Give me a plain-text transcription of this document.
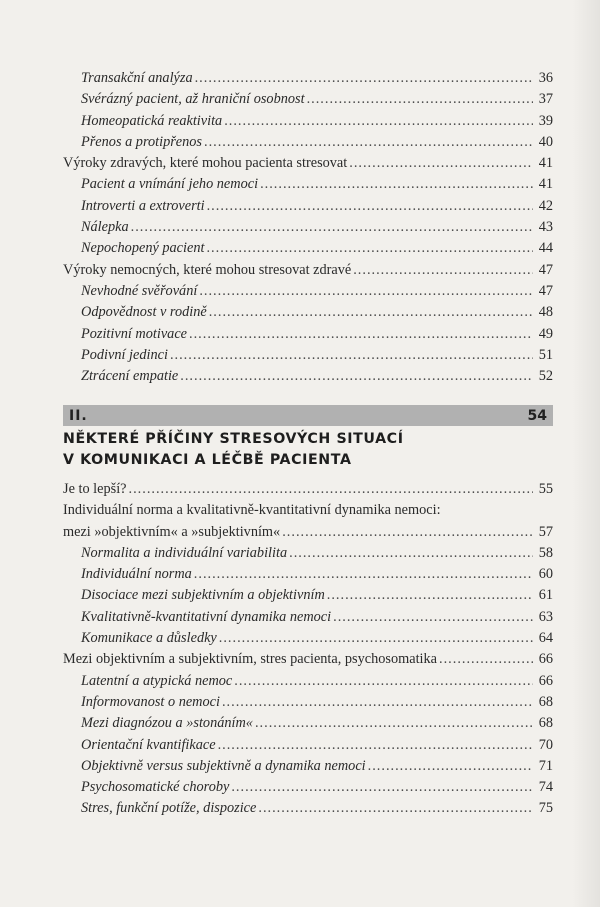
Transakční analýza .....	36
Svérázný pacient, až hraniční osobnost .....	37
Homeopatická reaktivita .....	39
Přenos a protipřenos .....	40
Výroky zdravých, které mohou pacienta stresovat .....	41
Pacient a vnímání jeho nemoci .....	41
Introverti a extroverti .....	42
Nálepka .....	43
Nepochopený pacient .....	44
Výroky nemocných, které mohou stresovat zdravé .....	47
Nevhodné svěřování .....	47
Odpovědnost v rodině .....	48
Pozitivní motivace .....	49
Podivní jedinci .....	51
Ztrácení empatie .....	52
II.	54
NĚKTERÉ PŘÍČINY STRESOVÝCH SITUACÍ
V KOMUNIKACI A LÉČBĚ PACIENTA
Je to lepší? .....	55
Individuální norma a kvalitativně-kvantitativní dynamika nemoci:
mezi »objektivním« a »subjektivním« .....	57
Normalita a individuální variabilita .....	58
Individuální norma .....	60
Disociace mezi subjektivním a objektivním .....	61
Kvalitativně-kvantitativní dynamika nemoci .....	63
Komunikace a důsledky .....	64
Mezi objektivním a subjektivním, stres pacienta, psychosomatika .....	66
Latentní a atypická nemoc .....	66
Informovanost o nemoci .....	68
Mezi diagnózou a »stonáním« .....	68
Orientační kvantifikace .....	70
Objektivně versus subjektivně a dynamika nemoci .....	71
Psychosomatické choroby .....	74
Stres, funkční potíže, dispozice .....	75
